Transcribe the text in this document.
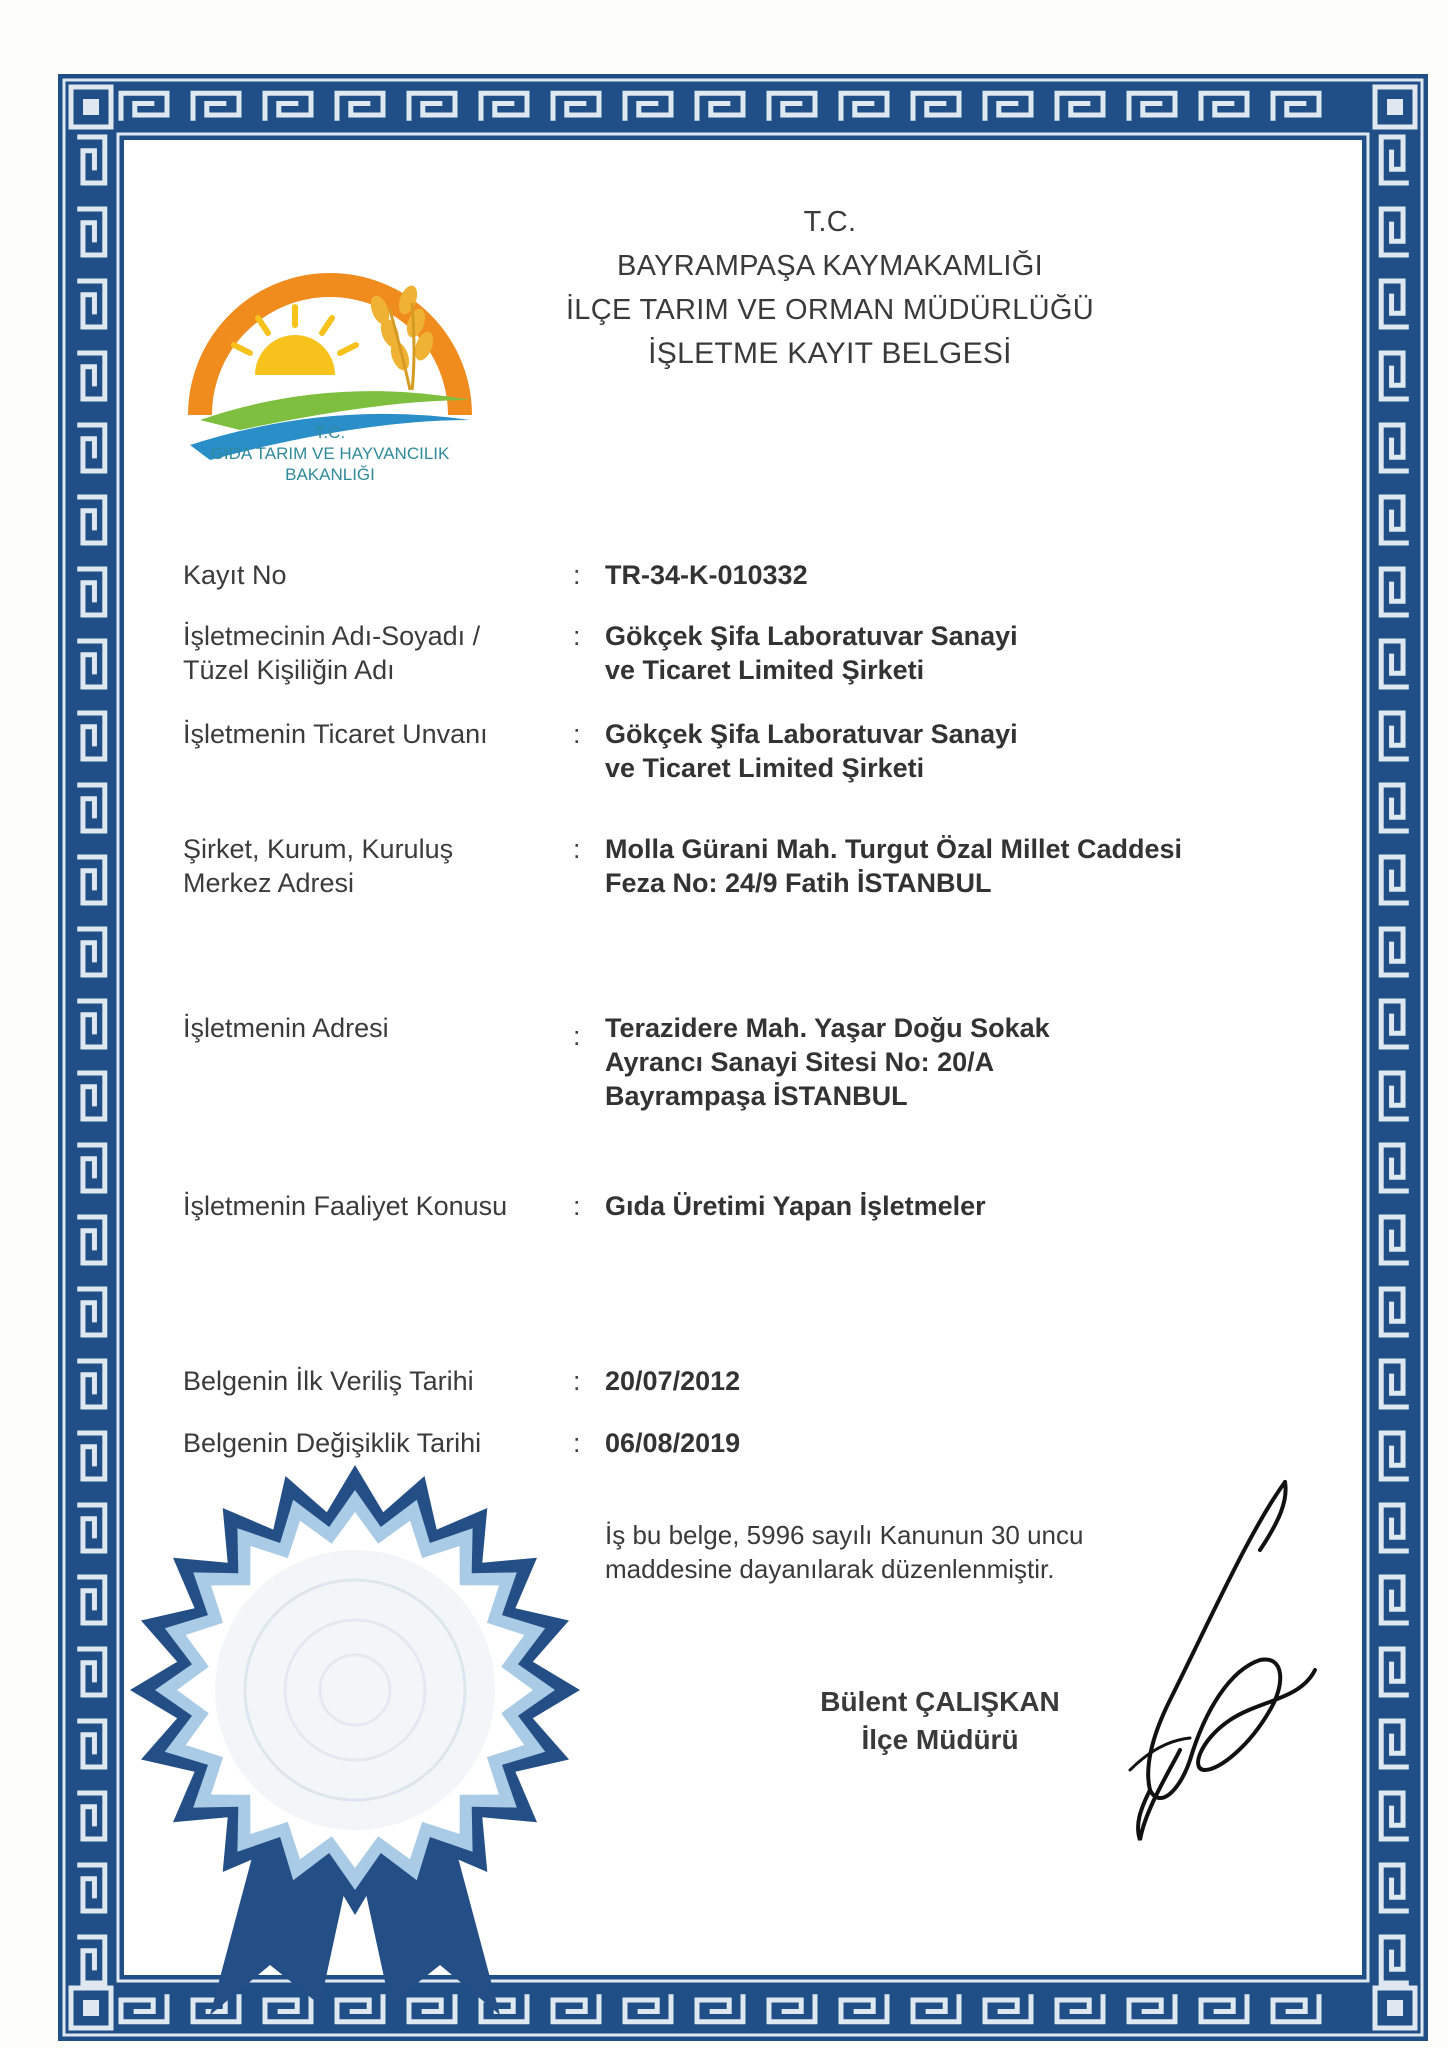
T.C.
GIDA TARIM VE HAYVANCILIK
BAKANLIĞI
T.C.
BAYRAMPAŞA KAYMAKAMLIĞI
İLÇE TARIM VE ORMAN MÜDÜRLÜĞÜ
İŞLETME KAYIT BELGESİ
Kayıt No	: TR-34-K-010332
İşletmecinin Adı-Soyadı /
Tüzel Kişiliğin Adı
: Gökçek Şifa Laboratuvar Sanayi
ve Ticaret Limited Şirketi
İşletmenin Ticaret Unvanı	: Gökçek Şifa Laboratuvar Sanayi
ve Ticaret Limited Şirketi
Şirket, Kurum, Kuruluş
Merkez Adresi
: Molla Gürani Mah. Turgut Özal Millet Caddesi
Feza No: 24/9 Fatih İSTANBUL
İşletmenin Adresi	: Terazidere Mah. Yaşar Doğu Sokak
Ayrancı Sanayi Sitesi No: 20/A
Bayrampaşa İSTANBUL
İşletmenin Faaliyet Konusu	: Gıda Üretimi Yapan İşletmeler
Belgenin İlk Veriliş Tarihi	: 20/07/2012
Belgenin Değişiklik Tarihi	: 06/08/2019
İş bu belge, 5996 sayılı Kanunun 30 uncu
maddesine dayanılarak düzenlenmiştir.
Bülent ÇALIŞKAN
İlçe Müdürü
